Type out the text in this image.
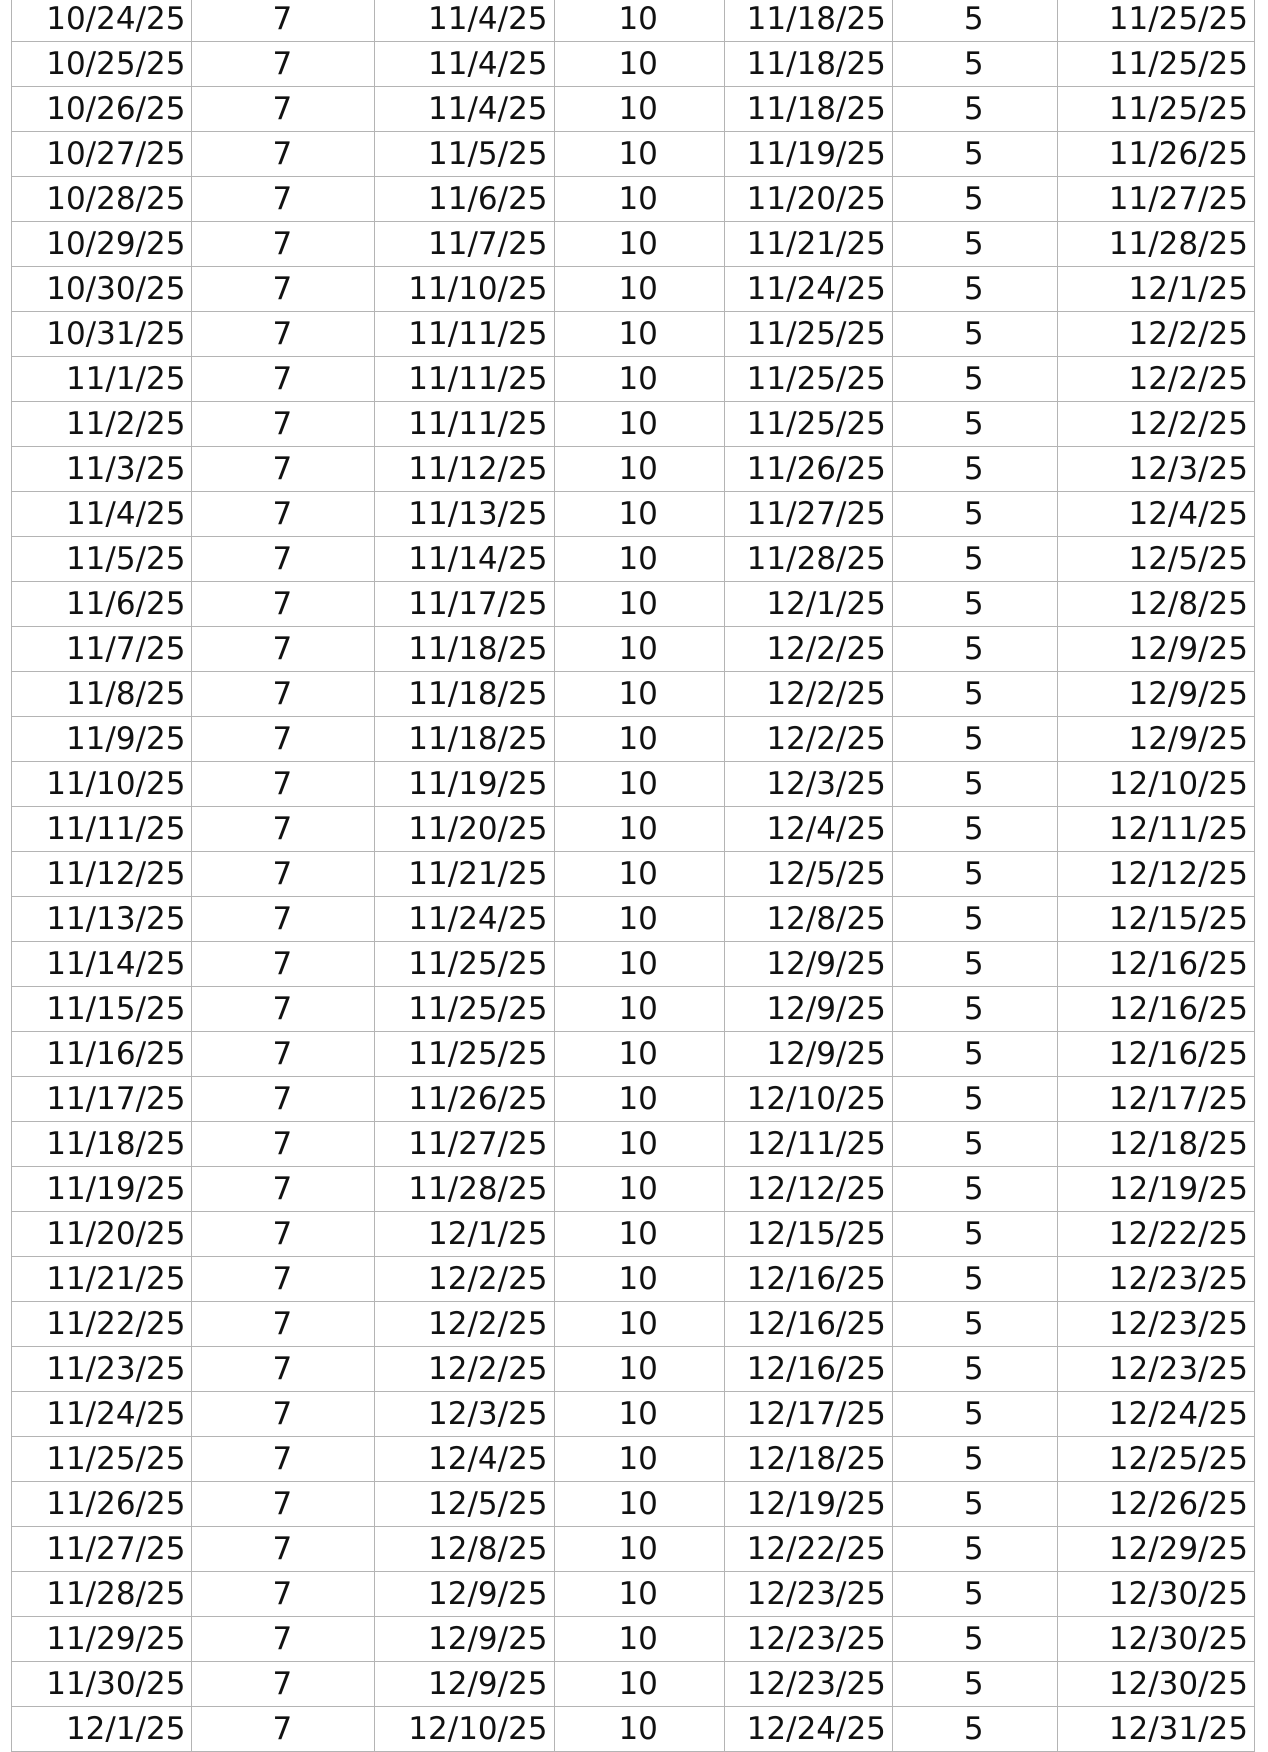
10/24/25	7	11/4/25	10	11/18/25	5	11/25/25
10/25/25	7	11/4/25	10	11/18/25	5	11/25/25
10/26/25	7	11/4/25	10	11/18/25	5	11/25/25
10/27/25	7	11/5/25	10	11/19/25	5	11/26/25
10/28/25	7	11/6/25	10	11/20/25	5	11/27/25
10/29/25	7	11/7/25	10	11/21/25	5	11/28/25
10/30/25	7	11/10/25	10	11/24/25	5	12/1/25
10/31/25	7	11/11/25	10	11/25/25	5	12/2/25
11/1/25	7	11/11/25	10	11/25/25	5	12/2/25
11/2/25	7	11/11/25	10	11/25/25	5	12/2/25
11/3/25	7	11/12/25	10	11/26/25	5	12/3/25
11/4/25	7	11/13/25	10	11/27/25	5	12/4/25
11/5/25	7	11/14/25	10	11/28/25	5	12/5/25
11/6/25	7	11/17/25	10	12/1/25	5	12/8/25
11/7/25	7	11/18/25	10	12/2/25	5	12/9/25
11/8/25	7	11/18/25	10	12/2/25	5	12/9/25
11/9/25	7	11/18/25	10	12/2/25	5	12/9/25
11/10/25	7	11/19/25	10	12/3/25	5	12/10/25
11/11/25	7	11/20/25	10	12/4/25	5	12/11/25
11/12/25	7	11/21/25	10	12/5/25	5	12/12/25
11/13/25	7	11/24/25	10	12/8/25	5	12/15/25
11/14/25	7	11/25/25	10	12/9/25	5	12/16/25
11/15/25	7	11/25/25	10	12/9/25	5	12/16/25
11/16/25	7	11/25/25	10	12/9/25	5	12/16/25
11/17/25	7	11/26/25	10	12/10/25	5	12/17/25
11/18/25	7	11/27/25	10	12/11/25	5	12/18/25
11/19/25	7	11/28/25	10	12/12/25	5	12/19/25
11/20/25	7	12/1/25	10	12/15/25	5	12/22/25
11/21/25	7	12/2/25	10	12/16/25	5	12/23/25
11/22/25	7	12/2/25	10	12/16/25	5	12/23/25
11/23/25	7	12/2/25	10	12/16/25	5	12/23/25
11/24/25	7	12/3/25	10	12/17/25	5	12/24/25
11/25/25	7	12/4/25	10	12/18/25	5	12/25/25
11/26/25	7	12/5/25	10	12/19/25	5	12/26/25
11/27/25	7	12/8/25	10	12/22/25	5	12/29/25
11/28/25	7	12/9/25	10	12/23/25	5	12/30/25
11/29/25	7	12/9/25	10	12/23/25	5	12/30/25
11/30/25	7	12/9/25	10	12/23/25	5	12/30/25
12/1/25	7	12/10/25	10	12/24/25	5	12/31/25
